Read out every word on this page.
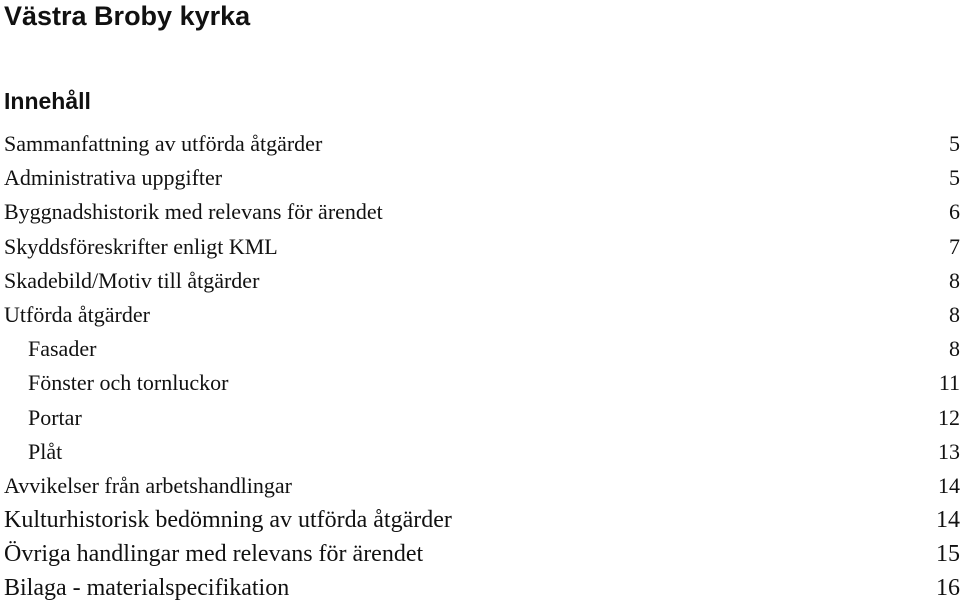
Västra Broby kyrka
Innehåll
Sammanfattning av utförda åtgärder	5
Administrativa uppgifter	5
Byggnadshistorik med relevans för ärendet	6
Skyddsföreskrifter enligt KML	7
Skadebild/Motiv till åtgärder	8
Utförda åtgärder	8
Fasader	8
Fönster och tornluckor	11
Portar	12
Plåt	13
Avvikelser från arbetshandlingar	14
Kulturhistorisk bedömning av utförda åtgärder	14
Övriga handlingar med relevans för ärendet	15
Bilaga - materialspecifikation	16
